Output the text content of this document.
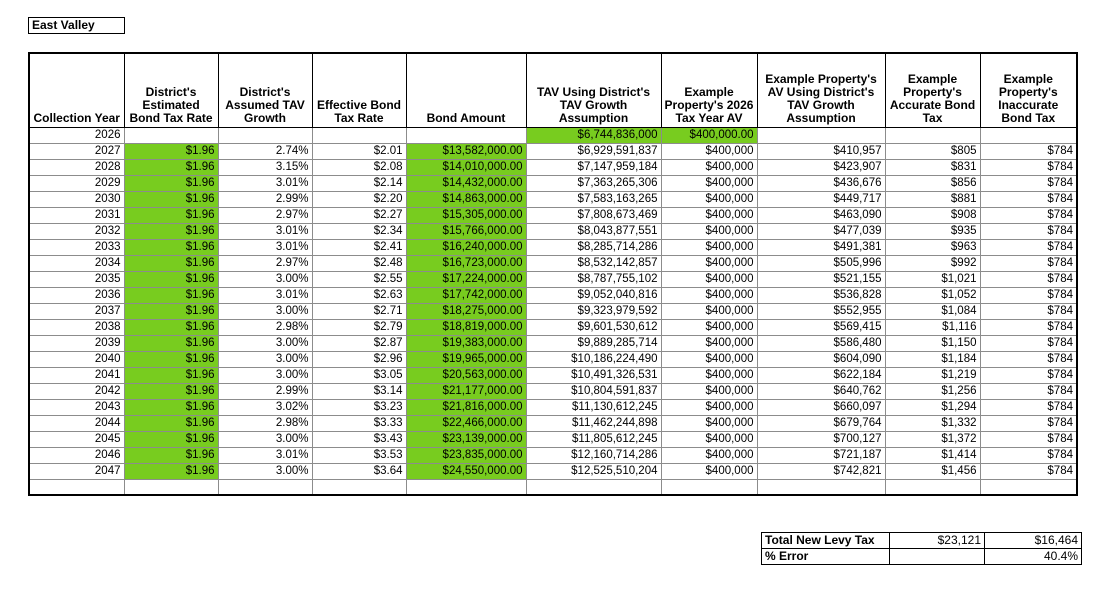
East Valley
Collection Year	District's Estimated Bond Tax Rate	District's Assumed TAV Growth	Effective Bond Tax Rate	Bond Amount	TAV Using District's TAV Growth Assumption	Example Property's 2026 Tax Year AV	Example Property's AV Using District's TAV Growth Assumption	Example Property's Accurate Bond Tax	Example Property's Inaccurate Bond Tax
2026					$6,744,836,000	$400,000.00			
2027	$1.96	2.74%	$2.01	$13,582,000.00	$6,929,591,837	$400,000	$410,957	$805	$784
2028	$1.96	3.15%	$2.08	$14,010,000.00	$7,147,959,184	$400,000	$423,907	$831	$784
2029	$1.96	3.01%	$2.14	$14,432,000.00	$7,363,265,306	$400,000	$436,676	$856	$784
2030	$1.96	2.99%	$2.20	$14,863,000.00	$7,583,163,265	$400,000	$449,717	$881	$784
2031	$1.96	2.97%	$2.27	$15,305,000.00	$7,808,673,469	$400,000	$463,090	$908	$784
2032	$1.96	3.01%	$2.34	$15,766,000.00	$8,043,877,551	$400,000	$477,039	$935	$784
2033	$1.96	3.01%	$2.41	$16,240,000.00	$8,285,714,286	$400,000	$491,381	$963	$784
2034	$1.96	2.97%	$2.48	$16,723,000.00	$8,532,142,857	$400,000	$505,996	$992	$784
2035	$1.96	3.00%	$2.55	$17,224,000.00	$8,787,755,102	$400,000	$521,155	$1,021	$784
2036	$1.96	3.01%	$2.63	$17,742,000.00	$9,052,040,816	$400,000	$536,828	$1,052	$784
2037	$1.96	3.00%	$2.71	$18,275,000.00	$9,323,979,592	$400,000	$552,955	$1,084	$784
2038	$1.96	2.98%	$2.79	$18,819,000.00	$9,601,530,612	$400,000	$569,415	$1,116	$784
2039	$1.96	3.00%	$2.87	$19,383,000.00	$9,889,285,714	$400,000	$586,480	$1,150	$784
2040	$1.96	3.00%	$2.96	$19,965,000.00	$10,186,224,490	$400,000	$604,090	$1,184	$784
2041	$1.96	3.00%	$3.05	$20,563,000.00	$10,491,326,531	$400,000	$622,184	$1,219	$784
2042	$1.96	2.99%	$3.14	$21,177,000.00	$10,804,591,837	$400,000	$640,762	$1,256	$784
2043	$1.96	3.02%	$3.23	$21,816,000.00	$11,130,612,245	$400,000	$660,097	$1,294	$784
2044	$1.96	2.98%	$3.33	$22,466,000.00	$11,462,244,898	$400,000	$679,764	$1,332	$784
2045	$1.96	3.00%	$3.43	$23,139,000.00	$11,805,612,245	$400,000	$700,127	$1,372	$784
2046	$1.96	3.01%	$3.53	$23,835,000.00	$12,160,714,286	$400,000	$721,187	$1,414	$784
2047	$1.96	3.00%	$3.64	$24,550,000.00	$12,525,510,204	$400,000	$742,821	$1,456	$784

Total New Levy Tax	$23,121	$16,464
% Error		40.4%
